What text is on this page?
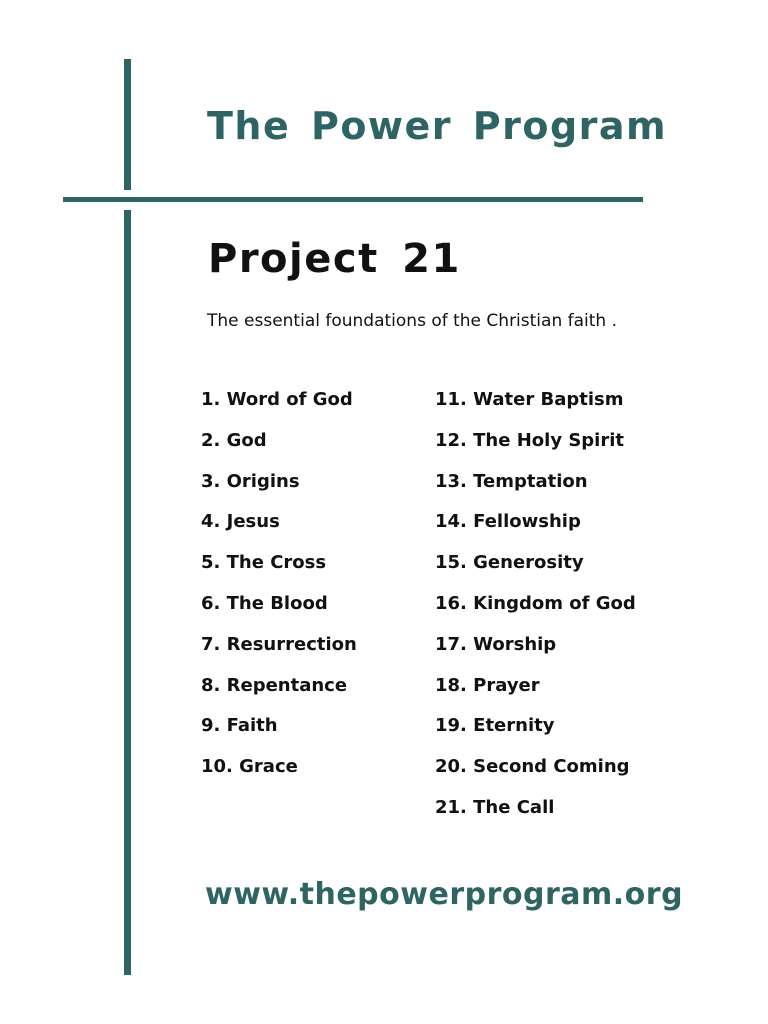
The Power Program
Project 21

The essential foundations of the Christian faith .

1. Word of God
2. God
3. Origins
4. Jesus
5. The Cross
6. The Blood
7. Resurrection
8. Repentance
9. Faith
10. Grace
11. Water Baptism
12. The Holy Spirit
13. Temptation
14. Fellowship
15. Generosity
16. Kingdom of God
17. Worship
18. Prayer
19. Eternity
20. Second Coming
21. The Call

www.thepowerprogram.org
